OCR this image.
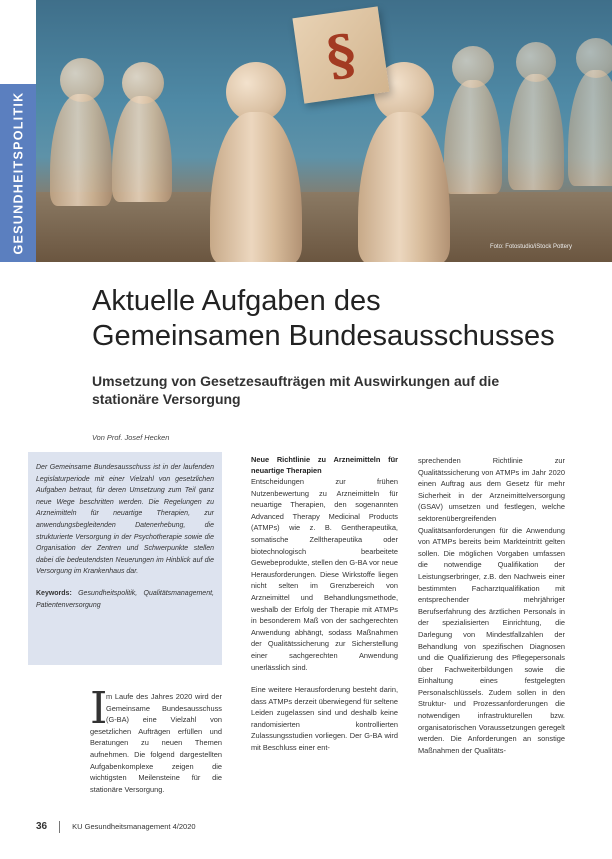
§
Foto: Fotostudio/iStock Pottery
GESUNDHEITSPOLITIK
Aktuelle Aufgaben des
Gemeinsamen Bundesausschusses
Umsetzung von Gesetzesaufträgen mit Auswirkungen auf die stationäre Versorgung
Von Prof. Josef Hecken

Der Gemeinsame Bundesausschuss ist in der laufenden Legislaturperiode mit einer Vielzahl von gesetzlichen Aufgaben betraut, für deren Umsetzung zum Teil ganz neue Wege beschritten werden. Die Regelungen zu Arzneimitteln für neuartige Therapien, zur anwendungsbegleitenden Datenerhebung, die strukturierte Versorgung in der Psychotherapie sowie die Organisation der Zentren und Schwerpunkte stellen dabei die bedeutendsten Neuerungen im Hinblick auf die Versorgung im Krankenhaus dar.

Keywords: Gesundheitspolitik, Qualitätsmanagement, Patientenversorgung

I
m Laufe des Jahres 2020 wird der Gemeinsame Bundesausschuss (G-BA) eine Vielzahl von gesetzlichen Aufträgen erfüllen und Beratungen zu neuen Themen aufnehmen. Die folgend dargestellten Aufgabenkomplexe zeigen die wichtigsten Meilensteine für die stationäre Versorgung.
Neue Richtlinie zu Arzneimitteln für neuartige Therapien

Entscheidungen zur frühen Nutzenbewertung zu Arzneimitteln für neuartige Therapien, den sogenannten Advanced Therapy Medicinal Products (ATMPs) wie z. B. Gentherapeutika, somatische Zelltherapeutika oder biotechnologisch bearbeitete Gewebeprodukte, stellen den G-BA vor neue Herausforderungen. Diese Wirkstoffe liegen nicht selten im Grenzbereich von Arzneimittel und Behandlungsmethode, weshalb der Erfolg der Therapie mit ATMPs in besonderem Maß von der sachgerechten Anwendung abhängt, sodass Maßnahmen der Qualitätssicherung zur Sicherstellung einer sachgerechten Anwendung unerlässlich sind.

Eine weitere Herausforderung besteht darin, dass ATMPs derzeit überwiegend für seltene Leiden zugelassen sind und deshalb keine randomisierten kontrollierten Zulassungsstudien vorliegen. Der G-BA wird mit Beschluss einer ent-

sprechenden Richtlinie zur Qualitätssicherung von ATMPs im Jahr 2020 einen Auftrag aus dem Gesetz für mehr Sicherheit in der Arzneimittelversorgung (GSAV) umsetzen und festlegen, welche sektorenübergreifenden Qualitätsanforderungen für die Anwendung von ATMPs bereits beim Markteintritt gelten sollen. Die möglichen Vorgaben umfassen die notwendige Qualifikation der Leistungserbringer, z.B. den Nachweis einer bestimmten Facharztqualifikation mit entsprechender mehrjähriger Berufserfahrung des ärztlichen Personals in der spezialisierten Einrichtung, die Darlegung von Mindestfallzahlen der Behandlung von spezifischen Diagnosen und die Qualifizierung des Pflegepersonals über Fachweiterbildungen sowie die Einhaltung eines festgelegten Personalschlüssels. Zudem sollen in den Struktur- und Prozessanforderungen die notwendigen infrastrukturellen bzw. organisatorischen Voraussetzungen geregelt werden. Die Anforderungen an sonstige Maßnahmen der Qualitäts-

36	KU Gesundheitsmanagement 4/2020
